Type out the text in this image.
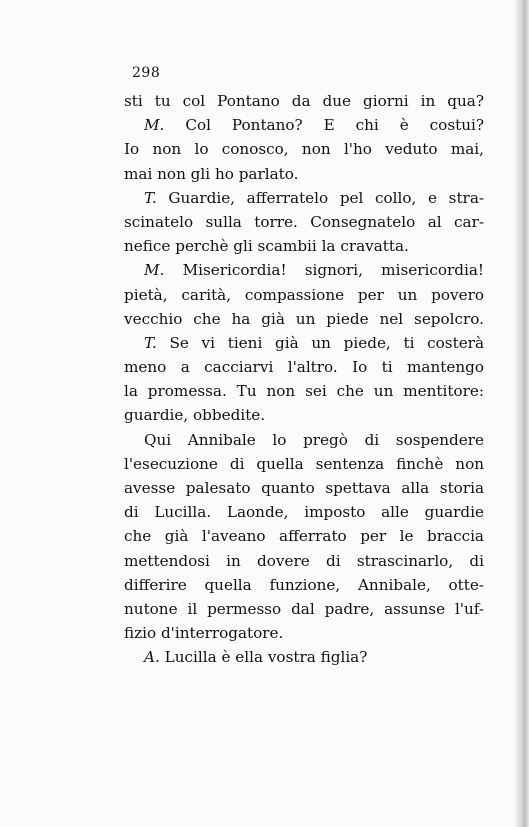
298
sti tu col Pontano da due giorni in qua?
M. Col Pontano? E chi è costui?
Io non lo conosco, non l'ho veduto mai,
mai non gli ho parlato.
T. Guardie, afferratelo pel collo, e stra-
scinatelo sulla torre. Consegnatelo al car-
nefice perchè gli scambii la cravatta.
M. Misericordia! signori, misericordia!
pietà, carità, compassione per un povero
vecchio che ha già un piede nel sepolcro.
T. Se vi tieni già un piede, ti costerà
meno a cacciarvi l'altro. Io ti mantengo
la promessa. Tu non sei che un mentitore:
guardie, obbedite.
Qui Annibale lo pregò di sospendere
l'esecuzione di quella sentenza finchè non
avesse palesato quanto spettava alla storia
di Lucilla. Laonde, imposto alle guardie
che già l'aveano afferrato per le braccia
mettendosi in dovere di strascinarlo, di
differire quella funzione, Annibale, otte-
nutone il permesso dal padre, assunse l'uf-
fizio d'interrogatore.
A. Lucilla è ella vostra figlia?
